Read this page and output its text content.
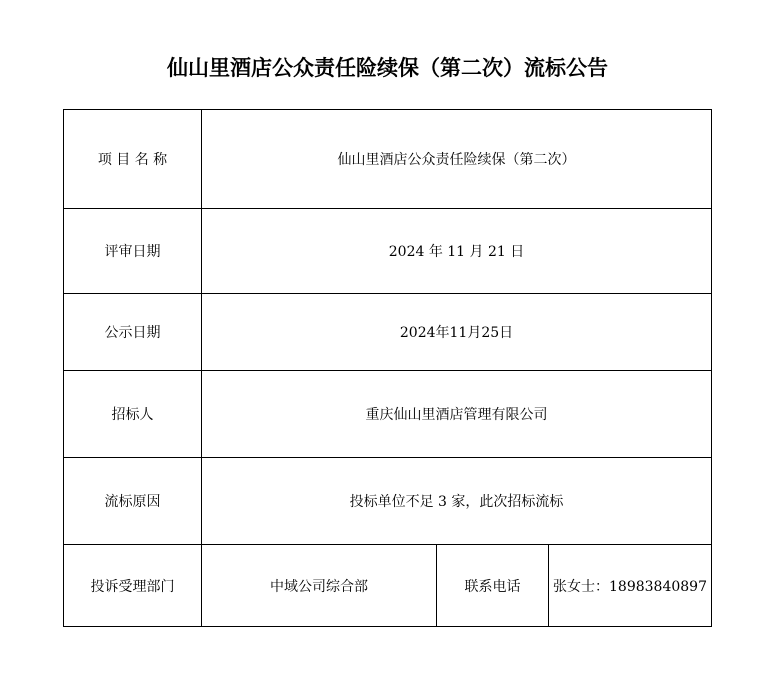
仙山里酒店公众责任险续保（第二次）流标公告
项 目 名 称	仙山里酒店公众责任险续保（第二次）		
评审日期	2024 年 11 月 21 日		
公示日期	2024年11月25日		
招标人	重庆仙山里酒店管理有限公司		
流标原因	投标单位不足 3 家，此次招标流标		
投诉受理部门	中域公司综合部	联系电话	张女士：18983840897
